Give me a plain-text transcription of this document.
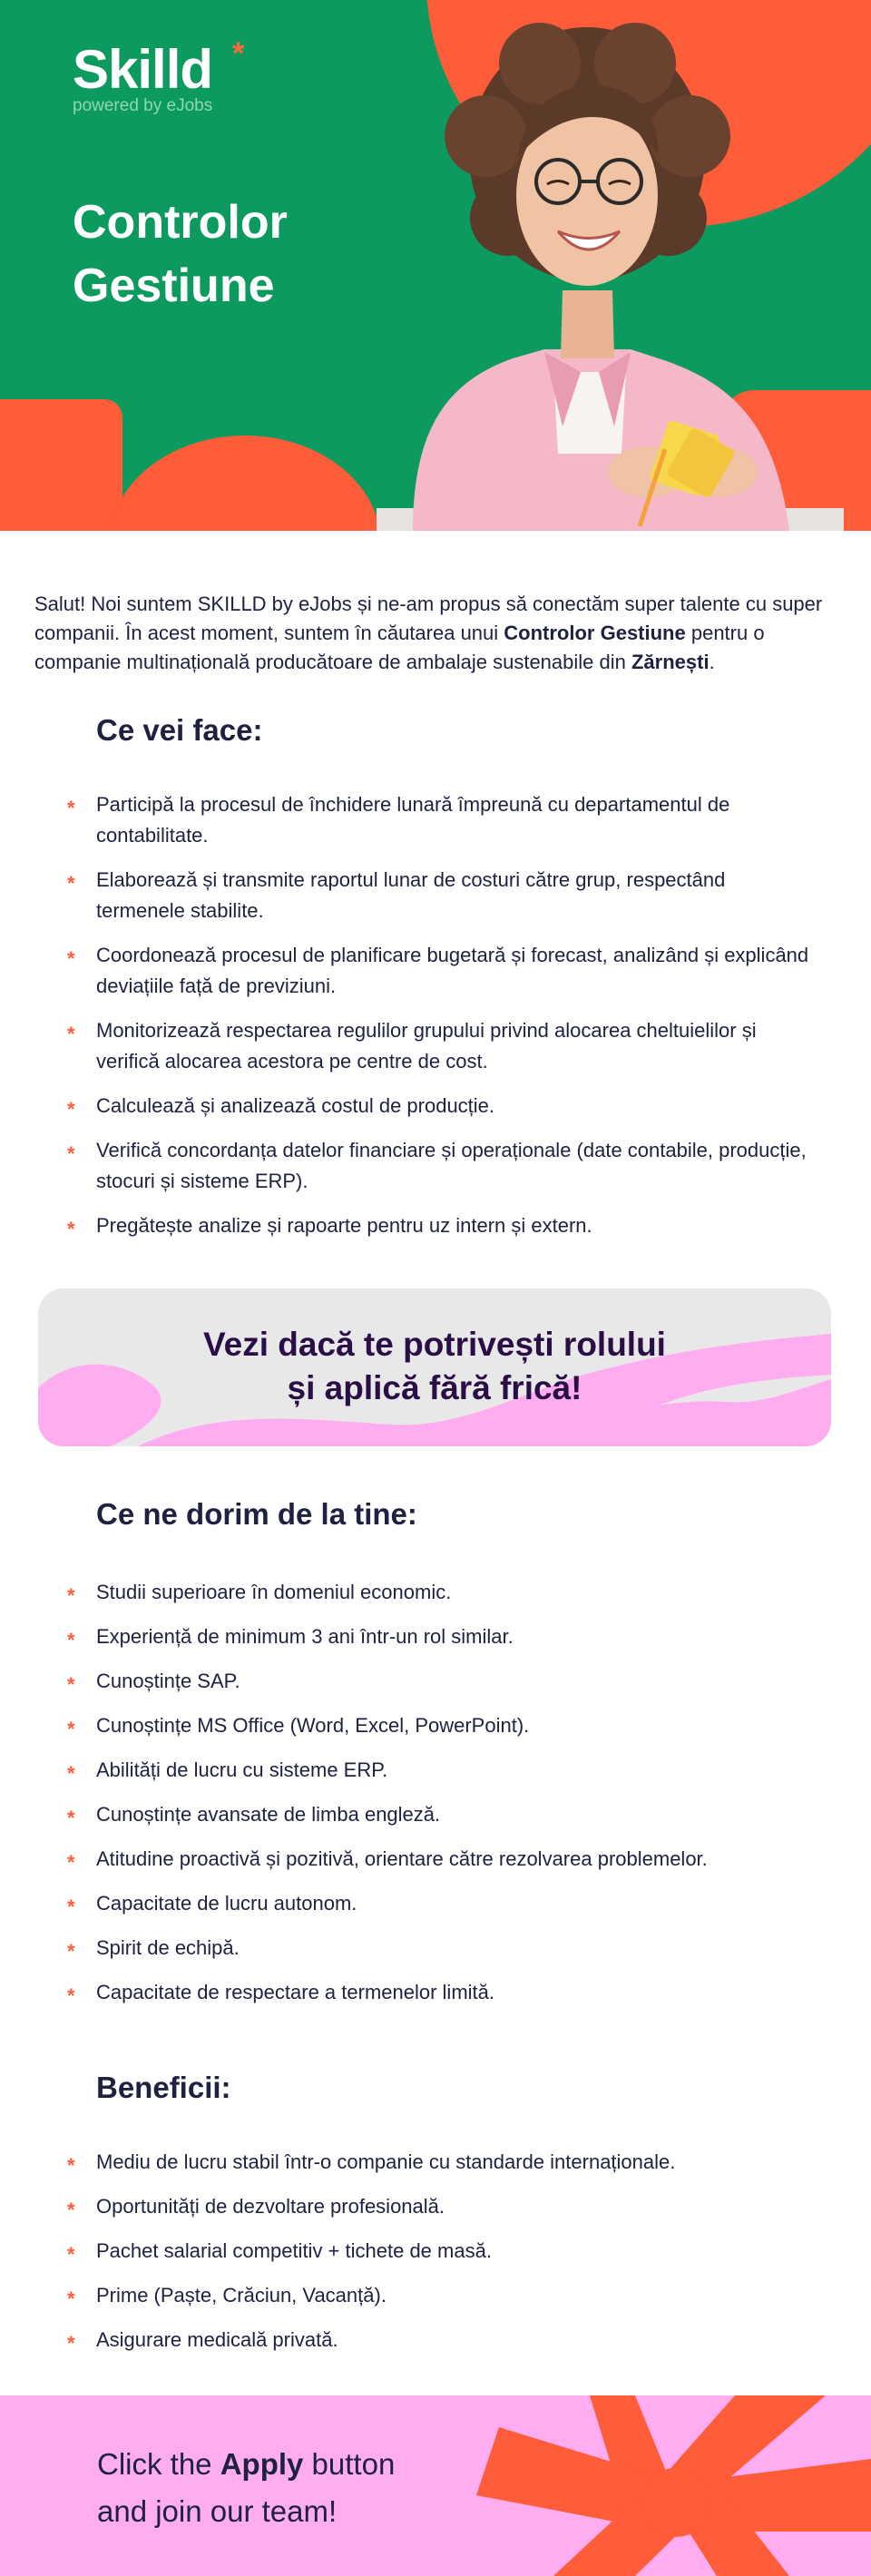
Skilld *
powered by eJobs
Controlor
Gestiune

Salut! Noi suntem SKILLD by eJobs și ne-am propus să conectăm super talente cu super companii. În acest moment, suntem în căutarea unui Controlor Gestiune pentru o companie multinațională producătoare de ambalaje sustenabile din Zărnești.

Ce vei face:
* Participă la procesul de închidere lunară împreună cu departamentul de contabilitate.
* Elaborează și transmite raportul lunar de costuri către grup, respectând termenele stabilite.
* Coordonează procesul de planificare bugetară și forecast, analizând și explicând deviațiile față de previziuni.
* Monitorizează respectarea regulilor grupului privind alocarea cheltuielilor și verifică alocarea acestora pe centre de cost.
* Calculează și analizează costul de producție.
* Verifică concordanța datelor financiare și operaționale (date contabile, producție, stocuri și sisteme ERP).
* Pregătește analize și rapoarte pentru uz intern și extern.
Vezi dacă te potrivești rolului
și aplică fără frică!
Ce ne dorim de la tine:
* Studii superioare în domeniul economic.
* Experiență de minimum 3 ani într-un rol similar.
* Cunoștințe SAP.
* Cunoștințe MS Office (Word, Excel, PowerPoint).
* Abilități de lucru cu sisteme ERP.
* Cunoștințe avansate de limba engleză.
* Atitudine proactivă și pozitivă, orientare către rezolvarea problemelor.
* Capacitate de lucru autonom.
* Spirit de echipă.
* Capacitate de respectare a termenelor limită.
Beneficii:
* Mediu de lucru stabil într-o companie cu standarde internaționale.
* Oportunități de dezvoltare profesională.
* Pachet salarial competitiv + tichete de masă.
* Prime (Paște, Crăciun, Vacanță).
* Asigurare medicală privată.
Click the Apply button
and join our team!
